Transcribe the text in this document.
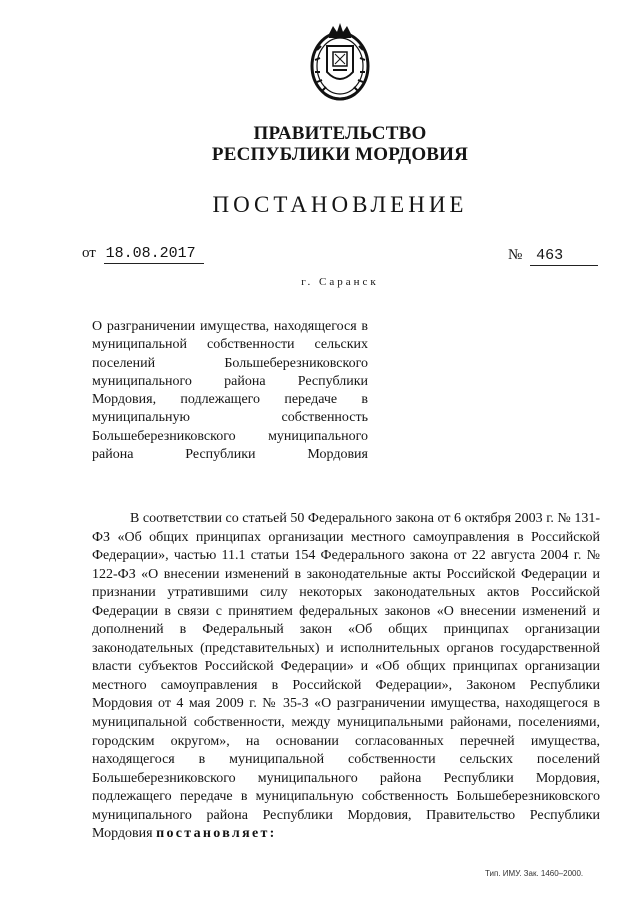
ПРАВИТЕЛЬСТВО
РЕСПУБЛИКИ МОРДОВИЯ
ПОСТАНОВЛЕНИЕ
от 18.08.2017	№ 463
г. Саранск
О разграничении имущества, находящегося в муниципальной собственности сельских поселений Большеберезниковского муниципального района Республики Мордовия, подлежащего передаче в муниципальную собственность Большеберезниковского муниципального района Республики Мордовия

В соответствии со статьей 50 Федерального закона от 6 октября 2003 г. № 131-ФЗ «Об общих принципах организации местного самоуправления в Российской Федерации», частью 11.1 статьи 154 Федерального закона от 22 августа 2004 г. № 122-ФЗ «О внесении изменений в законодательные акты Российской Федерации и признании утратившими силу некоторых законодательных актов Российской Федерации в связи с принятием федеральных законов «О внесении изменений и дополнений в Федеральный закон «Об общих принципах организации законодательных (представительных) и исполнительных органов государственной власти субъектов Российской Федерации» и «Об общих принципах организации местного самоуправления в Российской Федерации», Законом Республики Мордовия от 4 мая 2009 г. № 35-З «О разграничении имущества, находящегося в муниципальной собственности, между муниципальными районами, поселениями, городским округом», на основании согласованных перечней имущества, находящегося в муниципальной собственности сельских поселений Большеберезниковского муниципального района Республики Мордовия, подлежащего передаче в муниципальную собственность Большеберезниковского муниципального района Республики Мордовия, Правительство Республики Мордовия постановляет:

Тип. ИМУ. Зак. 1460–2000.
